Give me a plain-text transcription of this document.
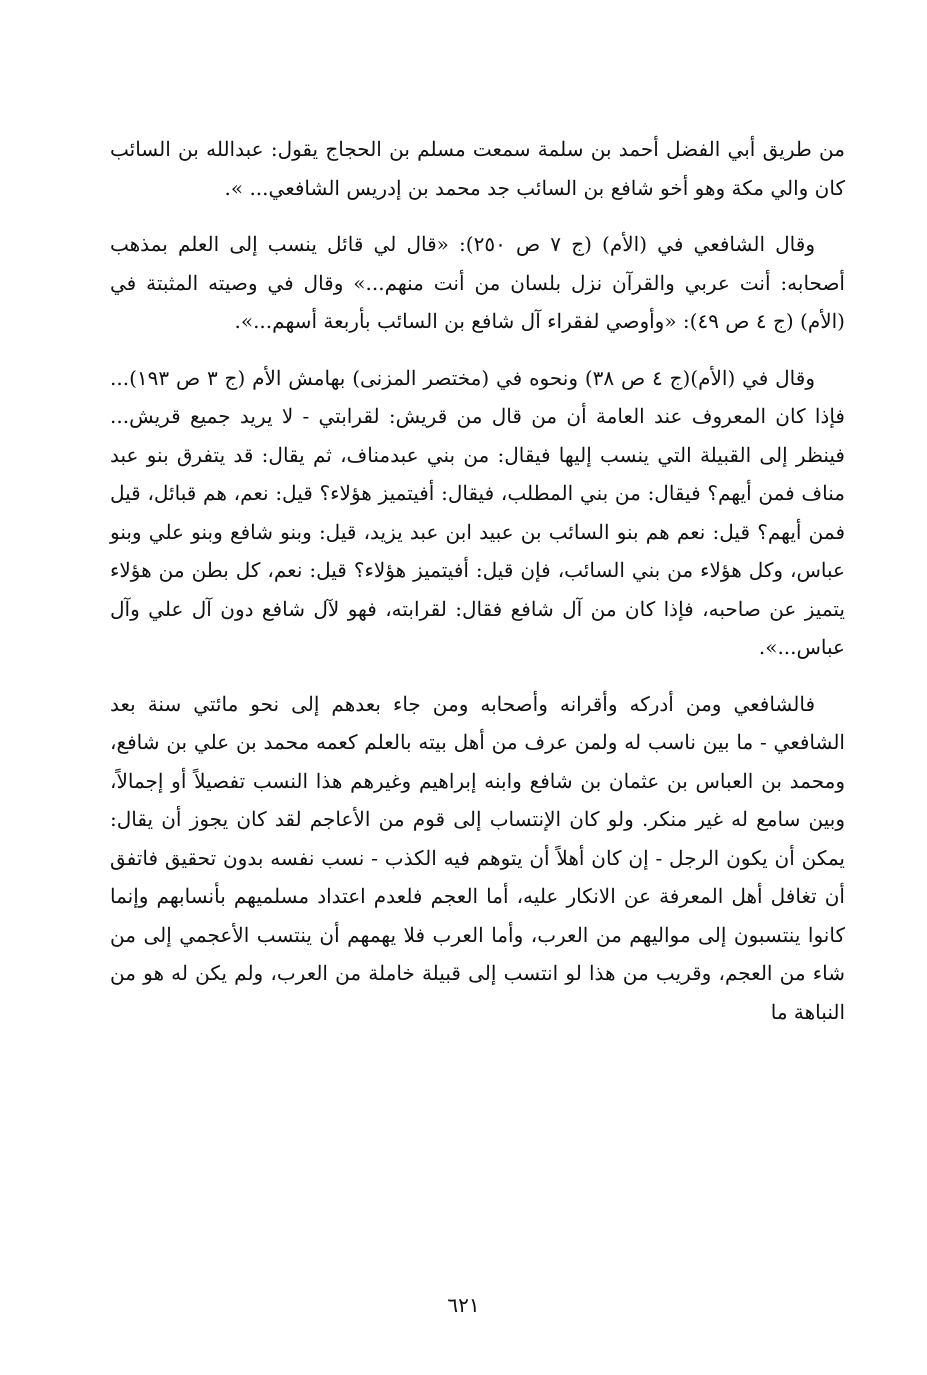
من طريق أبي الفضل أحمد بن سلمة سمعت مسلم بن الحجاج يقول: عبدالله بن السائب كان والي مكة وهو أخو شافع بن السائب جد محمد بن إدريس الشافعي... ».

وقال الشافعي في (الأم) (ج ٧ ص ٢٥٠): «قال لي قائل ينسب إلى العلم بمذهب أصحابه: أنت عربي والقرآن نزل بلسان من أنت منهم...» وقال في وصيته المثبتة في (الأم) (ج ٤ ص ٤٩): «وأوصي لفقراء آل شافع بن السائب بأربعة أسهم...».

وقال في (الأم)(ج ٤ ص ٣٨) ونحوه في (مختصر المزنى) بهامش الأم (ج ٣ ص ١٩٣)... فإذا كان المعروف عند العامة أن من قال من قريش: لقرابتي - لا يريد جميع قريش... فينظر إلى القبيلة التي ينسب إليها فيقال: من بني عبدمناف، ثم يقال: قد يتفرق بنو عبد مناف فمن أيهم؟ فيقال: من بني المطلب، فيقال: أفيتميز هؤلاء؟ قيل: نعم، هم قبائل، قيل فمن أيهم؟ قيل: نعم هم بنو السائب بن عبيد ابن عبد يزيد، قيل: وبنو شافع وبنو علي وبنو عباس، وكل هؤلاء من بني السائب، فإن قيل: أفيتميز هؤلاء؟ قيل: نعم، كل بطن من هؤلاء يتميز عن صاحبه، فإذا كان من آل شافع فقال: لقرابته، فهو لآل شافع دون آل علي وآل عباس...».

فالشافعي ومن أدركه وأقرانه وأصحابه ومن جاء بعدهم إلى نحو مائتي سنة بعد الشافعي - ما بين ناسب له ولمن عرف من أهل بيته بالعلم كعمه محمد بن علي بن شافع، ومحمد بن العباس بن عثمان بن شافع وابنه إبراهيم وغيرهم هذا النسب تفصيلاً أو إجمالاً، وبين سامع له غير منكر. ولو كان الإنتساب إلى قوم من الأعاجم لقد كان يجوز أن يقال: يمكن أن يكون الرجل - إن كان أهلاً أن يتوهم فيه الكذب - نسب نفسه بدون تحقيق فاتفق أن تغافل أهل المعرفة عن الانكار عليه، أما العجم فلعدم اعتداد مسلميهم بأنسابهم وإنما كانوا ينتسبون إلى مواليهم من العرب، وأما العرب فلا يهمهم أن ينتسب الأعجمي إلى من شاء من العجم، وقريب من هذا لو انتسب إلى قبيلة خاملة من العرب، ولم يكن له هو من النباهة ما

٦٢١
